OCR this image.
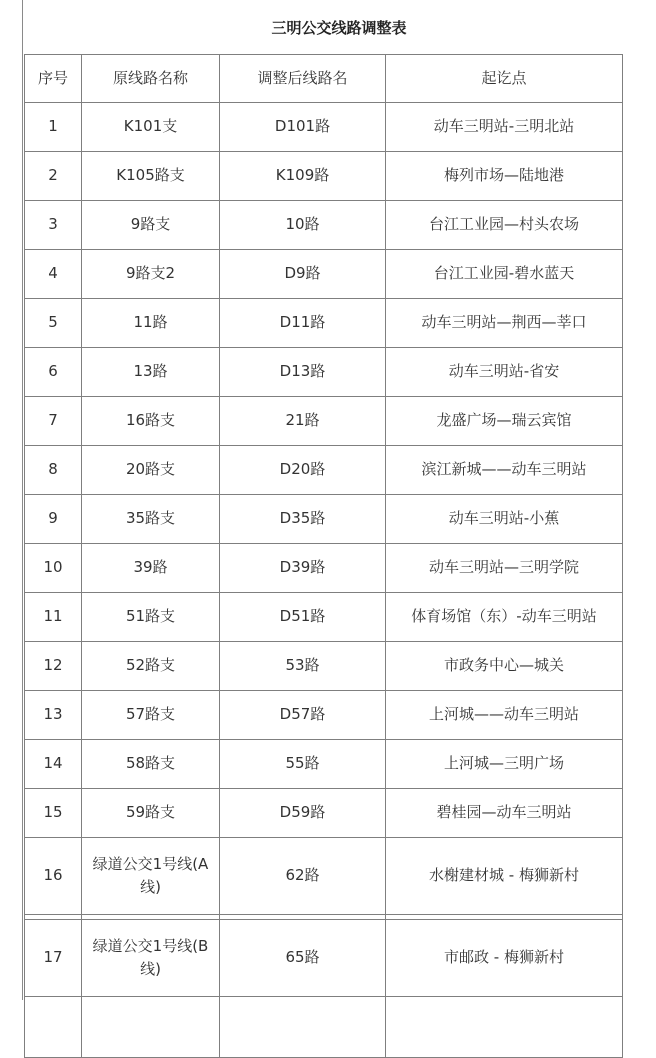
三明公交线路调整表
序号	原线路名称	调整后线路名	起讫点
1	K101支	D101路	动车三明站-三明北站
2	K105路支	K109路	梅列市场—陆地港
3	9路支	10路	台江工业园—村头农场
4	9路支2	D9路	台江工业园-碧水蓝天
5	11路	D11路	动车三明站—荆西—莘口
6	13路	D13路	动车三明站-省安
7	16路支	21路	龙盛广场—瑞云宾馆
8	20路支	D20路	滨江新城——动车三明站
9	35路支	D35路	动车三明站-小蕉
10	39路	D39路	动车三明站—三明学院
11	51路支	D51路	体育场馆（东）-动车三明站
12	52路支	53路	市政务中心—城关
13	57路支	D57路	上河城——动车三明站
14	58路支	55路	上河城—三明广场
15	59路支	D59路	碧桂园—动车三明站
16	绿道公交1号线(A线)	62路	水榭建材城 - 梅狮新村

17	绿道公交1号线(B线)	65路	市邮政 - 梅狮新村
